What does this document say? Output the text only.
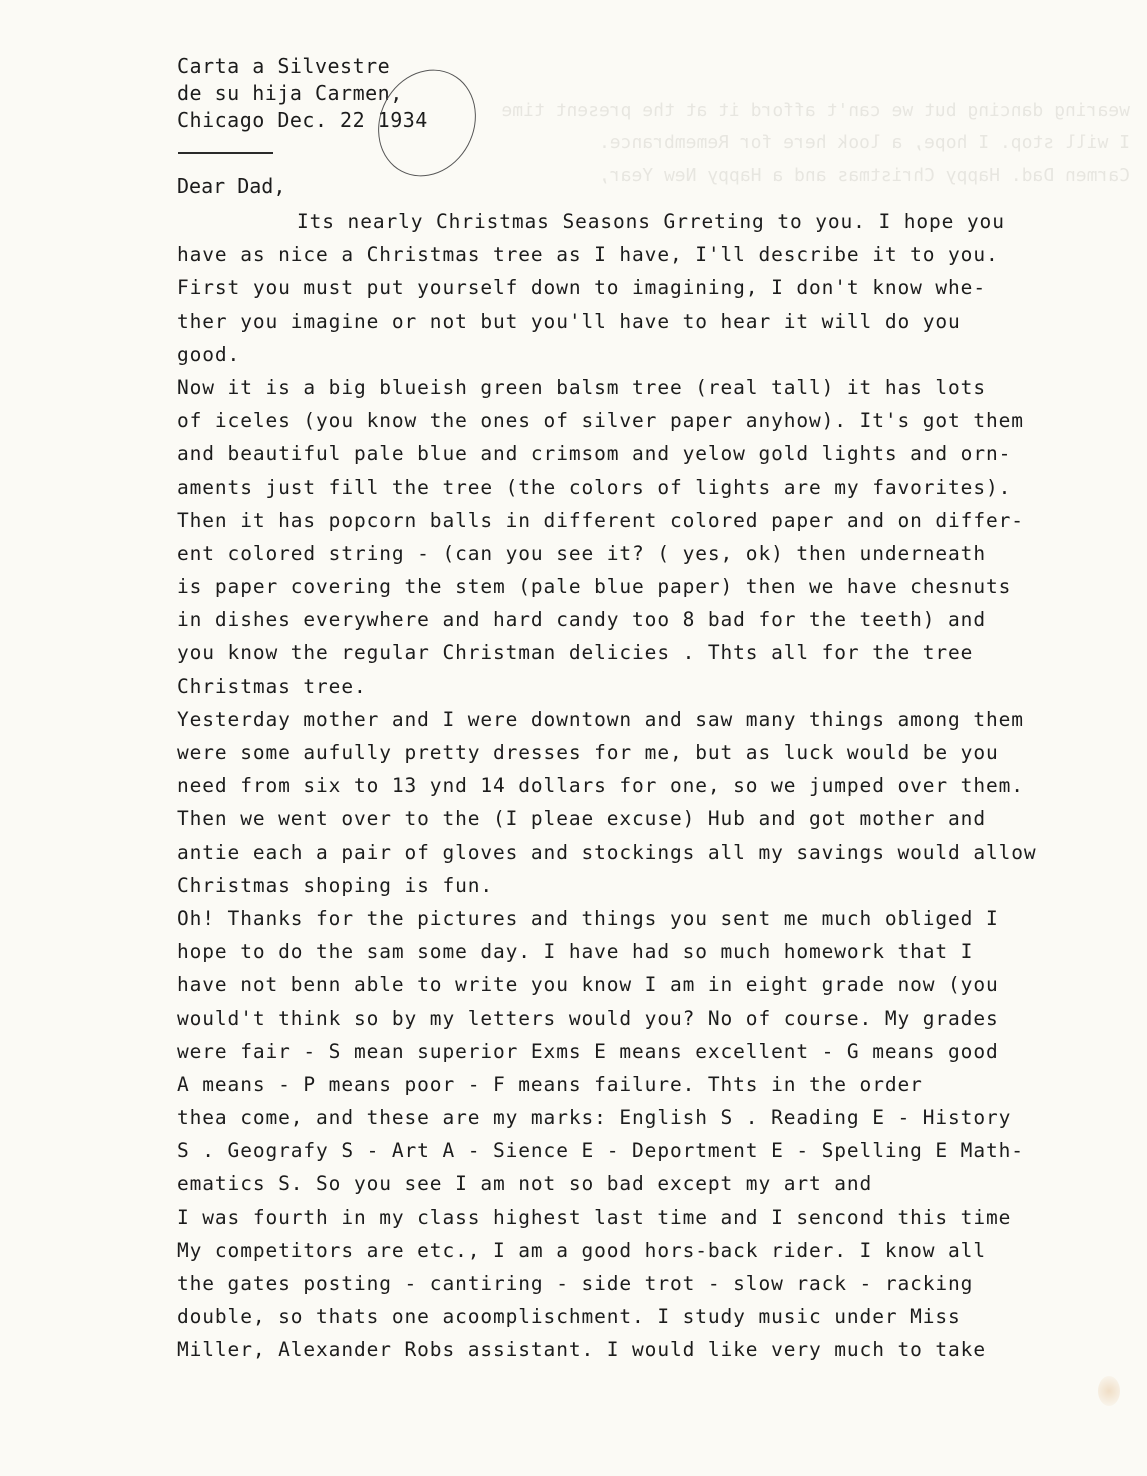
wearing dancing but we can't afford it at the present time
I will stop. I hope, a look here for Remembrance.
Carmen Dad. Happy Christmas and a Happy New Year,
Carta a Silvestre
de su hija Carmen,
Chicago Dec. 22 1934
Dear Dad,
Its nearly Christmas Seasons Grreting to you. I hope you
have as nice a Christmas tree as I have, I'll describe it to you.
First you must put yourself down to imagining, I don't know whe-
ther you imagine or not but you'll have to hear it will do you
good.
Now it is a big blueish green balsm tree (real tall) it has lots
of iceles (you know the ones of silver paper anyhow). It's got them
and beautiful pale blue and crimsom and yelow gold lights and orn-
aments just fill the tree (the colors of lights are my favorites).
Then it has popcorn balls in different colored paper and on differ-
ent colored string - (can you see it? ( yes, ok) then underneath
is paper covering the stem (pale blue paper) then we have chesnuts
in dishes everywhere and hard candy too 8 bad for the teeth) and
you know the regular Christman delicies . Thts all for the tree
Christmas tree.
Yesterday mother and I were downtown and saw many things among them
were some aufully pretty dresses for me, but as luck would be you
need from six to 13 ynd 14 dollars for one, so we jumped over them.
Then we went over to the (I pleae excuse) Hub and got mother and
antie each a pair of gloves and stockings all my savings would allow
Christmas shoping is fun.
Oh! Thanks for the pictures and things you sent me much obliged I
hope to do the sam some day. I have had so much homework that I
have not benn able to write you know I am in eight grade now (you
would't think so by my letters would you? No of course. My grades
were fair - S mean superior Exms E means excellent - G means good
A means - P means poor - F means failure. Thts in the order
thea come, and these are my marks: English S . Reading E - History
S . Geografy S - Art A - Sience E - Deportment E - Spelling E Math-
ematics S. So you see I am not so bad except my art and
I was fourth in my class highest last time and I sencond this time
My competitors are etc., I am a good hors-back rider. I know all
the gates posting - cantiring - side trot - slow rack - racking
double, so thats one acoomplischment. I study music under Miss
Miller, Alexander Robs assistant. I would like very much to take
